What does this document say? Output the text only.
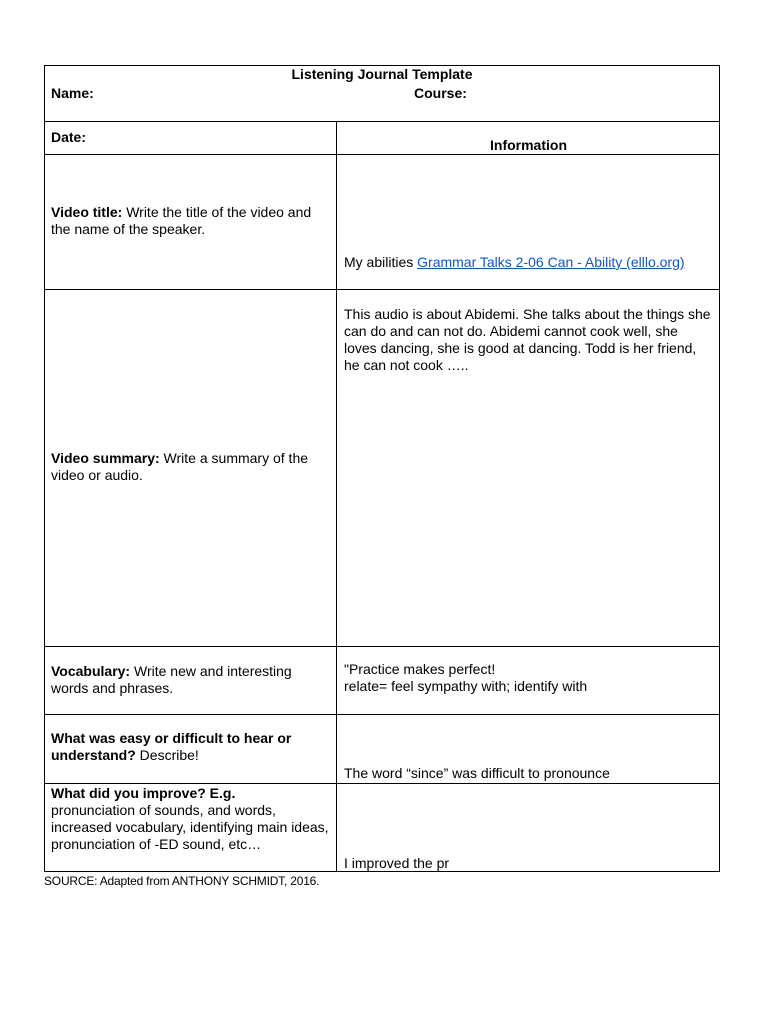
Listening Journal Template
Name:	Course:
Date:	Information
Video title: Write the title of the video and the name of the speaker.
My abilities Grammar Talks 2-06 Can - Ability (elllo.org)
Video summary: Write a summary of the video or audio.
This audio is about Abidemi. She talks about the things she can do and can not do. Abidemi cannot cook well, she loves dancing, she is good at dancing. Todd is her friend, he can not cook …..
Vocabulary: Write new and interesting words and phrases.
"Practice makes perfect!
relate= feel sympathy with; identify with
What was easy or difficult to hear or understand? Describe!
The word “since” was difficult to pronounce
What did you improve? E.g.
pronunciation of sounds, and words, increased vocabulary, identifying main ideas, pronunciation of -ED sound, etc…
I improved the pr
SOURCE: Adapted from ANTHONY SCHMIDT, 2016.
